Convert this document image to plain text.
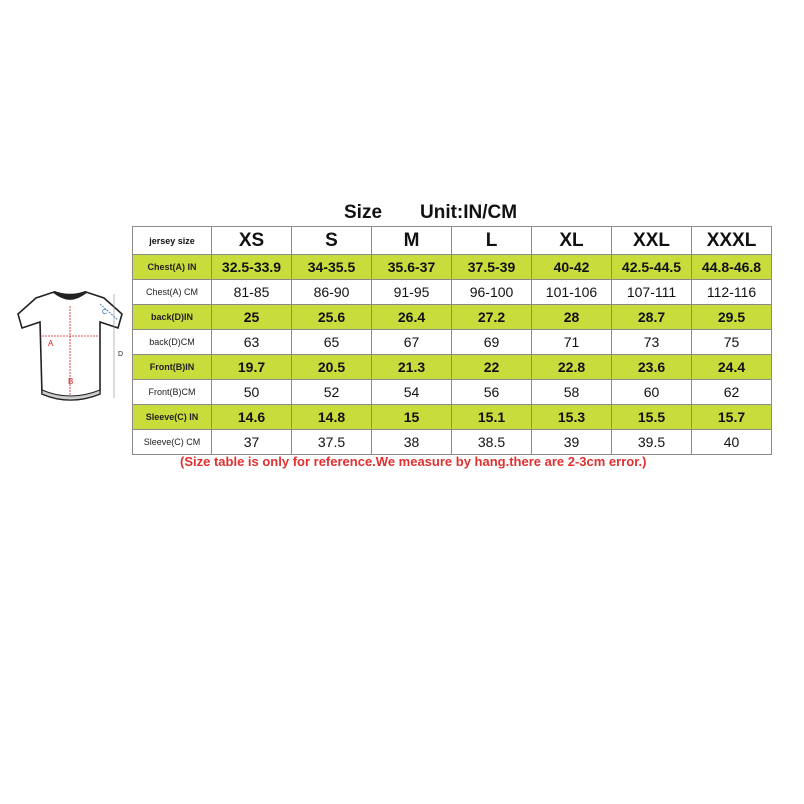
Size Unit:IN/CM
A
B
C
D
jersey size	XS	S	M	L	XL	XXL	XXXL
Chest(A) IN	32.5-33.9	34-35.5	35.6-37	37.5-39	40-42	42.5-44.5	44.8-46.8
Chest(A) CM	81-85	86-90	91-95	96-100	101-106	107-111	112-116
back(D)IN	25	25.6	26.4	27.2	28	28.7	29.5
back(D)CM	63	65	67	69	71	73	75
Front(B)IN	19.7	20.5	21.3	22	22.8	23.6	24.4
Front(B)CM	50	52	54	56	58	60	62
Sleeve(C) IN	14.6	14.8	15	15.1	15.3	15.5	15.7
Sleeve(C) CM	37	37.5	38	38.5	39	39.5	40
(Size table is only for reference.We measure by hang.there are 2-3cm error.)
